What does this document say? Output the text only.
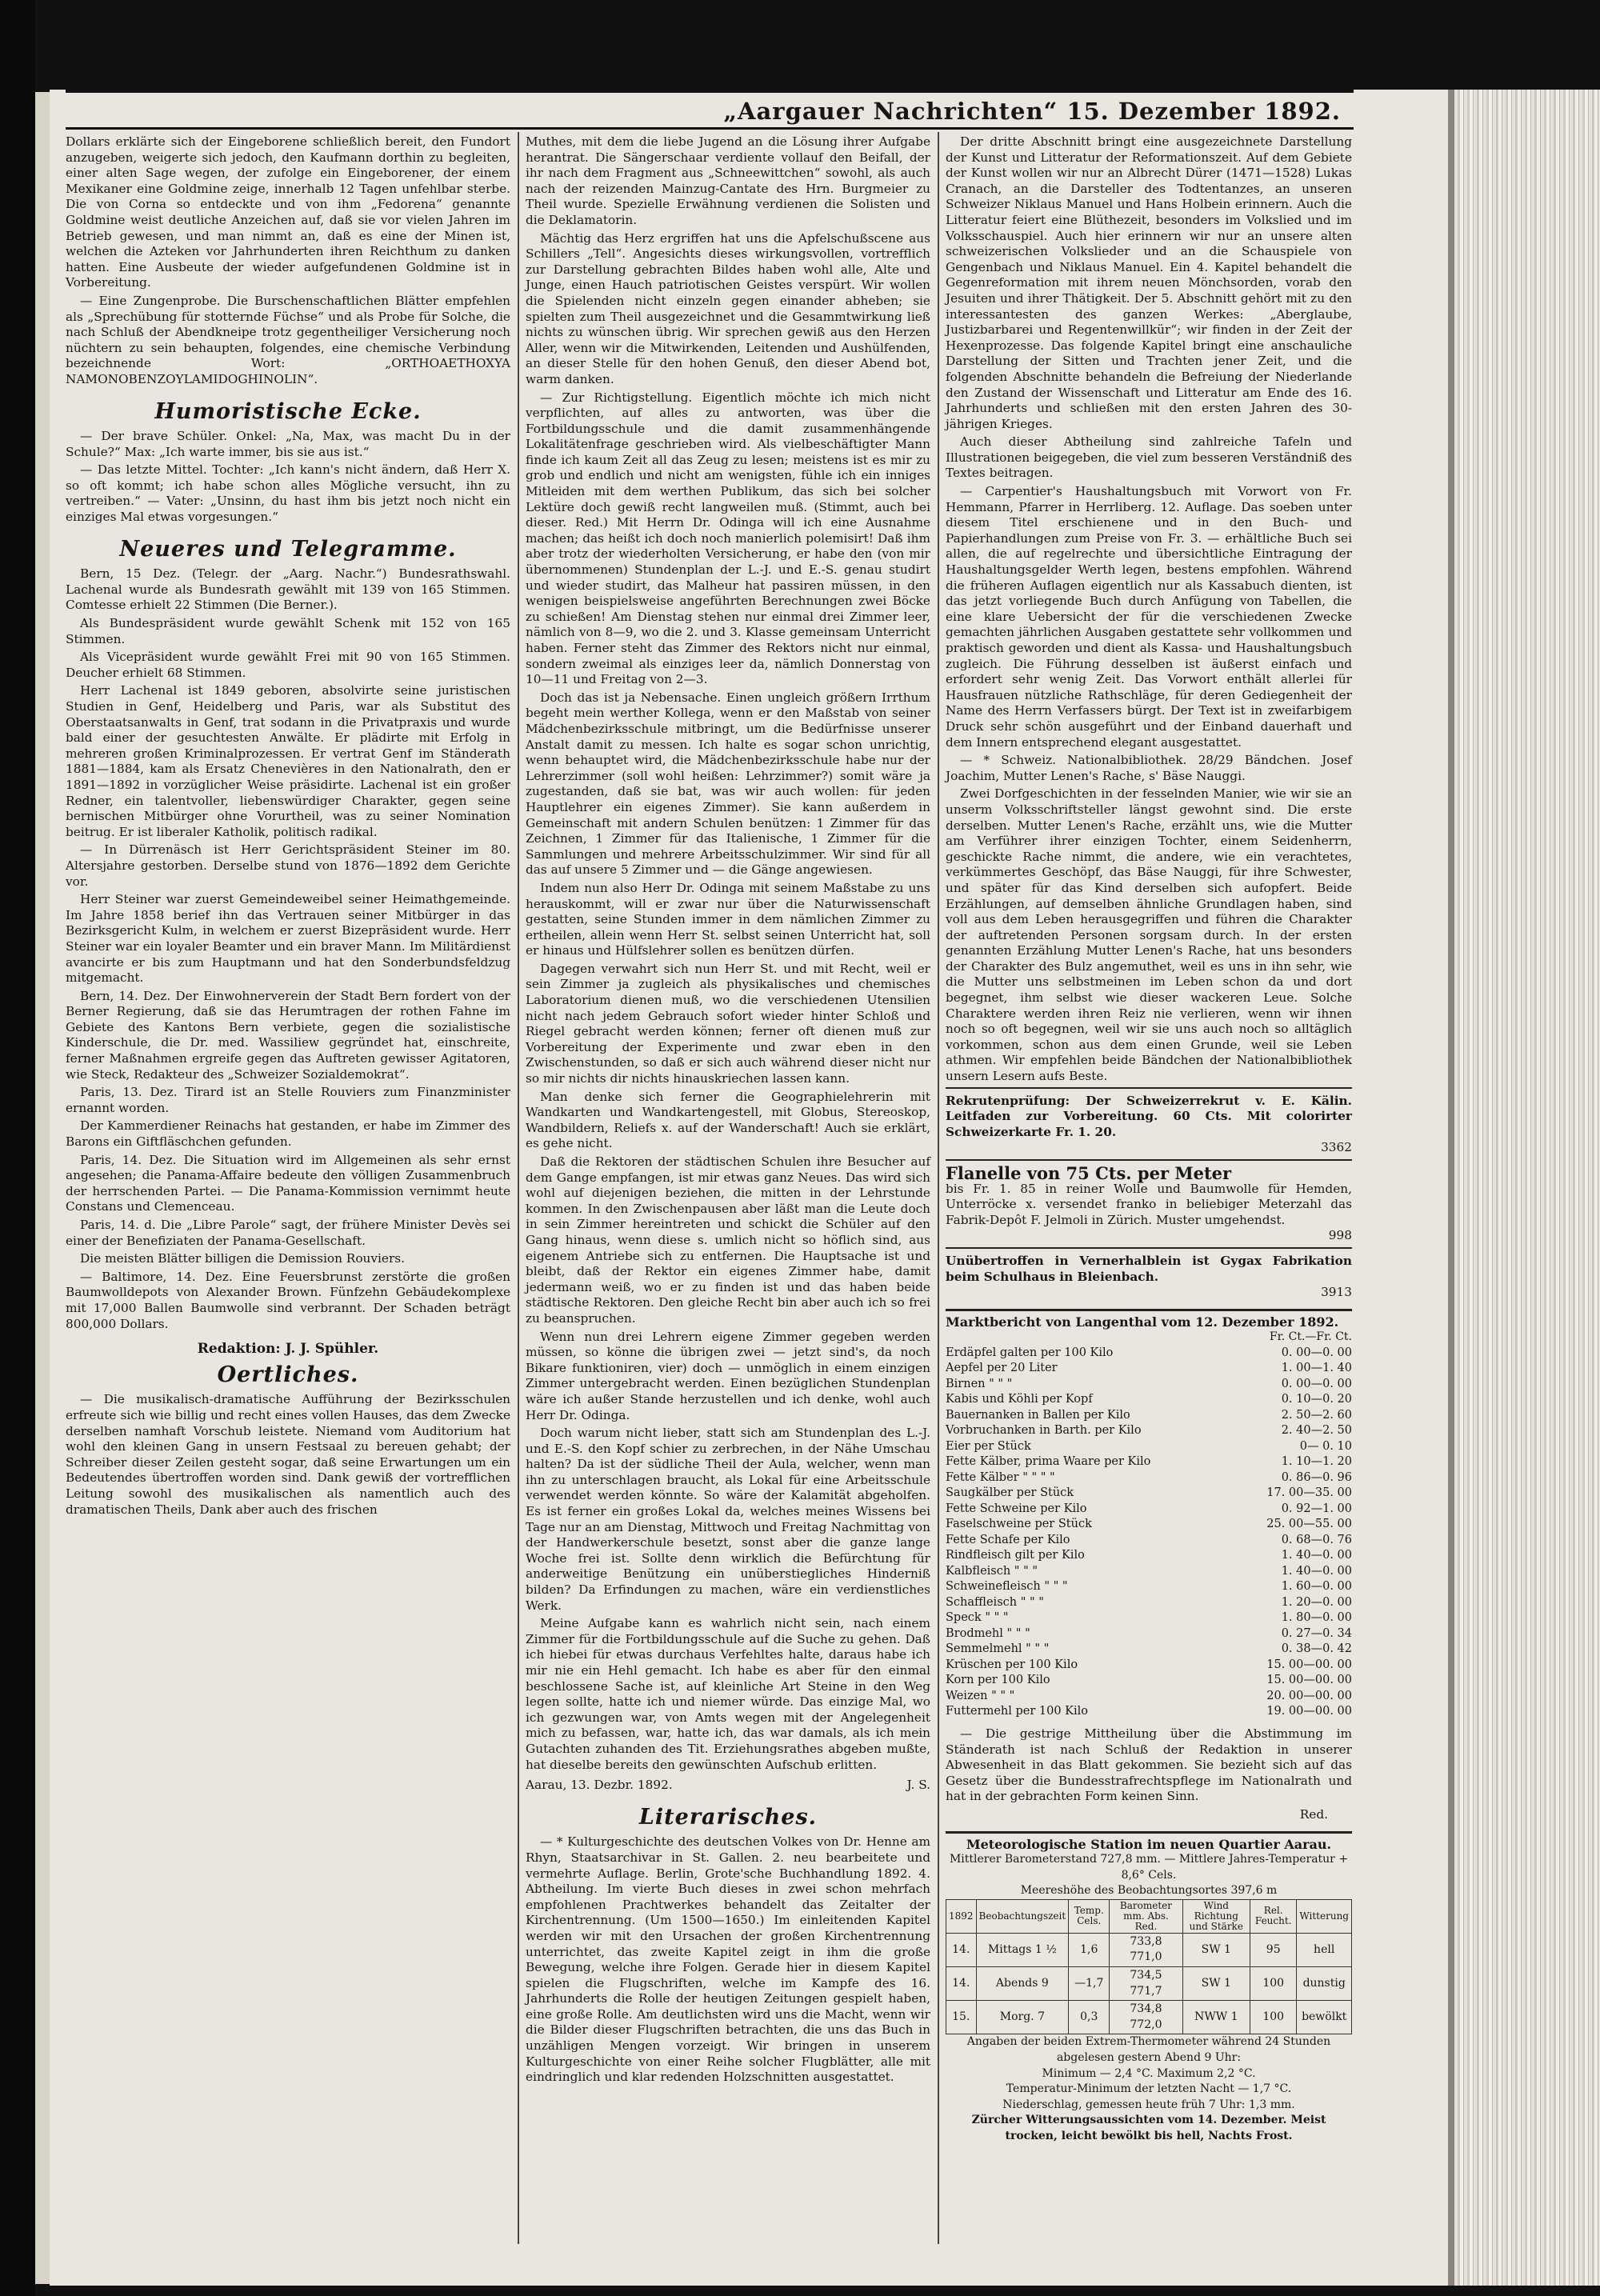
„Aargauer Nachrichten“ 15. Dezember 1892.

Dollars erklärte sich der Eingeborene schließlich bereit, den Fundort anzugeben, weigerte sich jedoch, den Kaufmann dorthin zu begleiten, einer alten Sage wegen, der zufolge ein Eingeborener, der einem Mexikaner eine Goldmine zeige, innerhalb 12 Tagen unfehlbar sterbe. Die von Corna so entdeckte und von ihm „Fedorena“ genannte Goldmine weist deutliche Anzeichen auf, daß sie vor vielen Jahren im Betrieb gewesen, und man nimmt an, daß es eine der Minen ist, welchen die Azteken vor Jahrhunderten ihren Reichthum zu danken hatten. Eine Ausbeute der wieder aufgefundenen Goldmine ist in Vorbereitung.

— Eine Zungenprobe. Die Burschenschaftlichen Blätter empfehlen als „Sprechübung für stotternde Füchse“ und als Probe für Solche, die nach Schluß der Abendkneipe trotz gegentheiliger Versicherung noch nüchtern zu sein behaupten, folgendes, eine chemische Verbindung bezeichnende Wort: „ORTHOAETHOXYA NAMONOBENZOYLAMIDOGHINOLIN“.

Humoristische Ecke.

— Der brave Schüler. Onkel: „Na, Max, was macht Du in der Schule?“ Max: „Ich warte immer, bis sie aus ist.“

— Das letzte Mittel. Tochter: „Ich kann's nicht ändern, daß Herr X. so oft kommt; ich habe schon alles Mögliche versucht, ihn zu vertreiben.“ — Vater: „Unsinn, du hast ihm bis jetzt noch nicht ein einziges Mal etwas vorgesungen.“

Neueres und Telegramme.

Bern, 15 Dez. (Telegr. der „Aarg. Nachr.“) Bundesrathswahl. Lachenal wurde als Bundesrath gewählt mit 139 von 165 Stimmen. Comtesse erhielt 22 Stimmen (Die Berner.).

Als Bundespräsident wurde gewählt Schenk mit 152 von 165 Stimmen.

Als Vicepräsident wurde gewählt Frei mit 90 von 165 Stimmen. Deucher erhielt 68 Stimmen.

Herr Lachenal ist 1849 geboren, absolvirte seine juristischen Studien in Genf, Heidelberg und Paris, war als Substitut des Oberstaatsanwalts in Genf, trat sodann in die Privatpraxis und wurde bald einer der gesuchtesten Anwälte. Er plädirte mit Erfolg in mehreren großen Kriminalprozessen. Er vertrat Genf im Ständerath 1881—1884, kam als Ersatz Chenevières in den Nationalrath, den er 1891—1892 in vorzüglicher Weise präsidirte. Lachenal ist ein großer Redner, ein talentvoller, liebenswürdiger Charakter, gegen seine bernischen Mitbürger ohne Vorurtheil, was zu seiner Nomination beitrug. Er ist liberaler Katholik, politisch radikal.

— In Dürrenäsch ist Herr Gerichtspräsident Steiner im 80. Altersjahre gestorben. Derselbe stund von 1876—1892 dem Gerichte vor.

Herr Steiner war zuerst Gemeindeweibel seiner Heimathgemeinde. Im Jahre 1858 berief ihn das Vertrauen seiner Mitbürger in das Bezirksgericht Kulm, in welchem er zuerst Bizepräsident wurde. Herr Steiner war ein loyaler Beamter und ein braver Mann. Im Militärdienst avancirte er bis zum Hauptmann und hat den Sonderbundsfeldzug mitgemacht.

Bern, 14. Dez. Der Einwohnerverein der Stadt Bern fordert von der Berner Regierung, daß sie das Herumtragen der rothen Fahne im Gebiete des Kantons Bern verbiete, gegen die sozialistische Kinderschule, die Dr. med. Wassiliew gegründet hat, einschreite, ferner Maßnahmen ergreife gegen das Auftreten gewisser Agitatoren, wie Steck, Redakteur des „Schweizer Sozialdemokrat“.

Paris, 13. Dez. Tirard ist an Stelle Rouviers zum Finanzminister ernannt worden.

Der Kammerdiener Reinachs hat gestanden, er habe im Zimmer des Barons ein Giftfläschchen gefunden.

Paris, 14. Dez. Die Situation wird im Allgemeinen als sehr ernst angesehen; die Panama-Affaire bedeute den völligen Zusammenbruch der herrschenden Partei. — Die Panama-Kommission vernimmt heute Constans und Clemenceau.

Paris, 14. d. Die „Libre Parole“ sagt, der frühere Minister Devès sei einer der Benefiziaten der Panama-Gesellschaft.

Die meisten Blätter billigen die Demission Rouviers.

— Baltimore, 14. Dez. Eine Feuersbrunst zerstörte die großen Baumwolldepots von Alexander Brown. Fünfzehn Gebäudekomplexe mit 17,000 Ballen Baumwolle sind verbrannt. Der Schaden beträgt 800,000 Dollars.

Redaktion: J. J. Spühler.
Oertliches.

— Die musikalisch-dramatische Aufführung der Bezirksschulen erfreute sich wie billig und recht eines vollen Hauses, das dem Zwecke derselben namhaft Vorschub leistete. Niemand vom Auditorium hat wohl den kleinen Gang in unsern Festsaal zu bereuen gehabt; der Schreiber dieser Zeilen gesteht sogar, daß seine Erwartungen um ein Bedeutendes übertroffen worden sind. Dank gewiß der vortrefflichen Leitung sowohl des musikalischen als namentlich auch des dramatischen Theils, Dank aber auch des frischen

Muthes, mit dem die liebe Jugend an die Lösung ihrer Aufgabe herantrat. Die Sängerschaar verdiente vollauf den Beifall, der ihr nach dem Fragment aus „Schneewittchen“ sowohl, als auch nach der reizenden Mainzug-Cantate des Hrn. Burgmeier zu Theil wurde. Spezielle Erwähnung verdienen die Solisten und die Deklamatorin.

Mächtig das Herz ergriffen hat uns die Apfelschußscene aus Schillers „Tell“. Angesichts dieses wirkungsvollen, vortrefflich zur Darstellung gebrachten Bildes haben wohl alle, Alte und Junge, einen Hauch patriotischen Geistes verspürt. Wir wollen die Spielenden nicht einzeln gegen einander abheben; sie spielten zum Theil ausgezeichnet und die Gesammtwirkung ließ nichts zu wünschen übrig. Wir sprechen gewiß aus den Herzen Aller, wenn wir die Mitwirkenden, Leitenden und Aushülfenden, an dieser Stelle für den hohen Genuß, den dieser Abend bot, warm danken.

— Zur Richtigstellung. Eigentlich möchte ich mich nicht verpflichten, auf alles zu antworten, was über die Fortbildungsschule und die damit zusammenhängende Lokalitätenfrage geschrieben wird. Als vielbeschäftigter Mann finde ich kaum Zeit all das Zeug zu lesen; meistens ist es mir zu grob und endlich und nicht am wenigsten, fühle ich ein inniges Mitleiden mit dem werthen Publikum, das sich bei solcher Lektüre doch gewiß recht langweilen muß. (Stimmt, auch bei dieser. Red.) Mit Herrn Dr. Odinga will ich eine Ausnahme machen; das heißt ich doch noch manierlich polemisirt! Daß ihm aber trotz der wiederholten Versicherung, er habe den (von mir übernommenen) Stundenplan der L.-J. und E.-S. genau studirt und wieder studirt, das Malheur hat passiren müssen, in den wenigen beispielsweise angeführten Berechnungen zwei Böcke zu schießen! Am Dienstag stehen nur einmal drei Zimmer leer, nämlich von 8—9, wo die 2. und 3. Klasse gemeinsam Unterricht haben. Ferner steht das Zimmer des Rektors nicht nur einmal, sondern zweimal als einziges leer da, nämlich Donnerstag von 10—11 und Freitag von 2—3.

Doch das ist ja Nebensache. Einen ungleich größern Irrthum begeht mein werther Kollega, wenn er den Maßstab von seiner Mädchenbezirksschule mitbringt, um die Bedürfnisse unserer Anstalt damit zu messen. Ich halte es sogar schon unrichtig, wenn behauptet wird, die Mädchenbezirksschule habe nur der Lehrerzimmer (soll wohl heißen: Lehrzimmer?) somit wäre ja zugestanden, daß sie bat, was wir auch wollen: für jeden Hauptlehrer ein eigenes Zimmer). Sie kann außerdem in Gemeinschaft mit andern Schulen benützen: 1 Zimmer für das Zeichnen, 1 Zimmer für das Italienische, 1 Zimmer für die Sammlungen und mehrere Arbeitsschulzimmer. Wir sind für all das auf unsere 5 Zimmer und — die Gänge angewiesen.

Indem nun also Herr Dr. Odinga mit seinem Maßstabe zu uns herauskommt, will er zwar nur über die Naturwissenschaft gestatten, seine Stunden immer in dem nämlichen Zimmer zu ertheilen, allein wenn Herr St. selbst seinen Unterricht hat, soll er hinaus und Hülfslehrer sollen es benützen dürfen.

Dagegen verwahrt sich nun Herr St. und mit Recht, weil er sein Zimmer ja zugleich als physikalisches und chemisches Laboratorium dienen muß, wo die verschiedenen Utensilien nicht nach jedem Gebrauch sofort wieder hinter Schloß und Riegel gebracht werden können; ferner oft dienen muß zur Vorbereitung der Experimente und zwar eben in den Zwischenstunden, so daß er sich auch während dieser nicht nur so mir nichts dir nichts hinauskriechen lassen kann.

Man denke sich ferner die Geographielehrerin mit Wandkarten und Wandkartengestell, mit Globus, Stereoskop, Wandbildern, Reliefs x. auf der Wanderschaft! Auch sie erklärt, es gehe nicht.

Daß die Rektoren der städtischen Schulen ihre Besucher auf dem Gange empfangen, ist mir etwas ganz Neues. Das wird sich wohl auf diejenigen beziehen, die mitten in der Lehrstunde kommen. In den Zwischenpausen aber läßt man die Leute doch in sein Zimmer hereintreten und schickt die Schüler auf den Gang hinaus, wenn diese s. umlich nicht so höflich sind, aus eigenem Antriebe sich zu entfernen. Die Hauptsache ist und bleibt, daß der Rektor ein eigenes Zimmer habe, damit jedermann weiß, wo er zu finden ist und das haben beide städtische Rektoren. Den gleiche Recht bin aber auch ich so frei zu beanspruchen.

Wenn nun drei Lehrern eigene Zimmer gegeben werden müssen, so könne die übrigen zwei — jetzt sind's, da noch Bikare funktioniren, vier) doch — unmöglich in einem einzigen Zimmer untergebracht werden. Einen bezüglichen Stundenplan wäre ich außer Stande herzustellen und ich denke, wohl auch Herr Dr. Odinga.

Doch warum nicht lieber, statt sich am Stundenplan des L.-J. und E.-S. den Kopf schier zu zerbrechen, in der Nähe Umschau halten? Da ist der südliche Theil der Aula, welcher, wenn man ihn zu unterschlagen braucht, als Lokal für eine Arbeitsschule verwendet werden könnte. So wäre der Kalamität abgeholfen. Es ist ferner ein großes Lokal da, welches meines Wissens bei Tage nur an am Dienstag, Mittwoch und Freitag Nachmittag von der Handwerkerschule besetzt, sonst aber die ganze lange Woche frei ist. Sollte denn wirklich die Befürchtung für anderweitige Benützung ein unüberstiegliches Hinderniß bilden? Da Erfindungen zu machen, wäre ein verdienstliches Werk.

Meine Aufgabe kann es wahrlich nicht sein, nach einem Zimmer für die Fortbildungsschule auf die Suche zu gehen. Daß ich hiebei für etwas durchaus Verfehltes halte, daraus habe ich mir nie ein Hehl gemacht. Ich habe es aber für den einmal beschlossene Sache ist, auf kleinliche Art Steine in den Weg legen sollte, hatte ich und niemer würde. Das einzige Mal, wo ich gezwungen war, von Amts wegen mit der Angelegenheit mich zu befassen, war, hatte ich, das war damals, als ich mein Gutachten zuhanden des Tit. Erziehungsrathes abgeben mußte, hat dieselbe bereits den gewünschten Aufschub erlitten.

J. S.
Aarau, 13. Dezbr. 1892.

Literarisches.

— * Kulturgeschichte des deutschen Volkes von Dr. Henne am Rhyn, Staatsarchivar in St. Gallen. 2. neu bearbeitete und vermehrte Auflage. Berlin, Grote'sche Buchhandlung 1892. 4. Abtheilung. Im vierte Buch dieses in zwei schon mehrfach empfohlenen Prachtwerkes behandelt das Zeitalter der Kirchentrennung. (Um 1500—1650.) Im einleitenden Kapitel werden wir mit den Ursachen der großen Kirchentrennung unterrichtet, das zweite Kapitel zeigt in ihm die große Bewegung, welche ihre Folgen. Gerade hier in diesem Kapitel spielen die Flugschriften, welche im Kampfe des 16. Jahrhunderts die Rolle der heutigen Zeitungen gespielt haben, eine große Rolle. Am deutlichsten wird uns die Macht, wenn wir die Bilder dieser Flugschriften betrachten, die uns das Buch in unzähligen Mengen vorzeigt. Wir bringen in unserem Kulturgeschichte von einer Reihe solcher Flugblätter, alle mit eindringlich und klar redenden Holzschnitten ausgestattet.

Der dritte Abschnitt bringt eine ausgezeichnete Darstellung der Kunst und Litteratur der Reformationszeit. Auf dem Gebiete der Kunst wollen wir nur an Albrecht Dürer (1471—1528) Lukas Cranach, an die Darsteller des Todtentanzes, an unseren Schweizer Niklaus Manuel und Hans Holbein erinnern. Auch die Litteratur feiert eine Blüthezeit, besonders im Volkslied und im Volksschauspiel. Auch hier erinnern wir nur an unsere alten schweizerischen Volkslieder und an die Schauspiele von Gengenbach und Niklaus Manuel. Ein 4. Kapitel behandelt die Gegenreformation mit ihrem neuen Mönchsorden, vorab den Jesuiten und ihrer Thätigkeit. Der 5. Abschnitt gehört mit zu den interessantesten des ganzen Werkes: „Aberglaube, Justizbarbarei und Regentenwillkür“; wir finden in der Zeit der Hexenprozesse. Das folgende Kapitel bringt eine anschauliche Darstellung der Sitten und Trachten jener Zeit, und die folgenden Abschnitte behandeln die Befreiung der Niederlande den Zustand der Wissenschaft und Litteratur am Ende des 16. Jahrhunderts und schließen mit den ersten Jahren des 30-jährigen Krieges.

Auch dieser Abtheilung sind zahlreiche Tafeln und Illustrationen beigegeben, die viel zum besseren Verständniß des Textes beitragen.

— Carpentier's Haushaltungsbuch mit Vorwort von Fr. Hemmann, Pfarrer in Herrliberg. 12. Auflage. Das soeben unter diesem Titel erschienene und in den Buch- und Papierhandlungen zum Preise von Fr. 3. — erhältliche Buch sei allen, die auf regelrechte und übersichtliche Eintragung der Haushaltungsgelder Werth legen, bestens empfohlen. Während die früheren Auflagen eigentlich nur als Kassabuch dienten, ist das jetzt vorliegende Buch durch Anfügung von Tabellen, die eine klare Uebersicht der für die verschiedenen Zwecke gemachten jährlichen Ausgaben gestattete sehr vollkommen und praktisch geworden und dient als Kassa- und Haushaltungsbuch zugleich. Die Führung desselben ist äußerst einfach und erfordert sehr wenig Zeit. Das Vorwort enthält allerlei für Hausfrauen nützliche Rathschläge, für deren Gediegenheit der Name des Herrn Verfassers bürgt. Der Text ist in zweifarbigem Druck sehr schön ausgeführt und der Einband dauerhaft und dem Innern entsprechend elegant ausgestattet.

— * Schweiz. Nationalbibliothek. 28/29 Bändchen. Josef Joachim, Mutter Lenen's Rache, s' Bäse Nauggi.

Zwei Dorfgeschichten in der fesselnden Manier, wie wir sie an unserm Volksschriftsteller längst gewohnt sind. Die erste derselben. Mutter Lenen's Rache, erzählt uns, wie die Mutter am Verführer ihrer einzigen Tochter, einem Seidenherrn, geschickte Rache nimmt, die andere, wie ein verachtetes, verkümmertes Geschöpf, das Bäse Nauggi, für ihre Schwester, und später für das Kind derselben sich aufopfert. Beide Erzählungen, auf demselben ähnliche Grundlagen haben, sind voll aus dem Leben herausgegriffen und führen die Charakter der auftretenden Personen sorgsam durch. In der ersten genannten Erzählung Mutter Lenen's Rache, hat uns besonders der Charakter des Bulz angemuthet, weil es uns in ihn sehr, wie die Mutter uns selbstmeinen im Leben schon da und dort begegnet, ihm selbst wie dieser wackeren Leue. Solche Charaktere werden ihren Reiz nie verlieren, wenn wir ihnen noch so oft begegnen, weil wir sie uns auch noch so alltäglich vorkommen, schon aus dem einen Grunde, weil sie Leben athmen. Wir empfehlen beide Bändchen der Nationalbibliothek unsern Lesern aufs Beste.

Rekrutenprüfung: Der Schweizerrekrut v. E. Kälin. Leitfaden zur Vorbereitung. 60 Cts. Mit colorirter Schweizerkarte Fr. 1. 20.
3362
Flanelle von 75 Cts. per Meter
bis Fr. 1. 85 in reiner Wolle und Baumwolle für Hemden, Unterröcke x. versendet franko in beliebiger Meterzahl das Fabrik-Depôt F. Jelmoli in Zürich. Muster umgehendst.
998
Unübertroffen in Vernerhalblein ist Gygax Fabrikation beim Schulhaus in Bleienbach.
3913
Marktbericht von Langenthal vom 12. Dezember 1892.
Fr. Ct.—Fr. Ct.
Erdäpfel galten per 100 Kilo	0. 00—0. 00
Aepfel per 20 Liter	1. 00—1. 40
Birnen " " "	0. 00—0. 00
Kabis und Köhli per Kopf	0. 10—0. 20
Bauernanken in Ballen per Kilo	2. 50—2. 60
Vorbruchanken in Barth. per Kilo	2. 40—2. 50
Eier per Stück	0— 0. 10
Fette Kälber, prima Waare per Kilo	1. 10—1. 20
Fette Kälber " " " "	0. 86—0. 96
Saugkälber per Stück	17. 00—35. 00
Fette Schweine per Kilo	0. 92—1. 00
Faselschweine per Stück	25. 00—55. 00
Fette Schafe per Kilo	0. 68—0. 76
Rindfleisch gilt per Kilo	1. 40—0. 00
Kalbfleisch " " "	1. 40—0. 00
Schweinefleisch " " "	1. 60—0. 00
Schaffleisch " " "	1. 20—0. 00
Speck " " "	1. 80—0. 00
Brodmehl " " "	0. 27—0. 34
Semmelmehl " " "	0. 38—0. 42
Krüschen per 100 Kilo	15. 00—00. 00
Korn per 100 Kilo	15. 00—00. 00
Weizen " " "	20. 00—00. 00
Futtermehl per 100 Kilo	19. 00—00. 00

— Die gestrige Mittheilung über die Abstimmung im Ständerath ist nach Schluß der Redaktion in unserer Abwesenheit in das Blatt gekommen. Sie bezieht sich auf das Gesetz über die Bundesstrafrechtspflege im Nationalrath und hat in der gebrachten Form keinen Sinn.

Red.
Meteorologische Station im neuen Quartier Aarau.
Mittlerer Barometerstand 727,8 mm. — Mittlere Jahres-Temperatur + 8,6° Cels.
Meereshöhe des Beobachtungsortes 397,6 m
1892	Beobachtungszeit	Temp. Cels.	Barometer mm. Abs. Red.	Wind Richtung und Stärke	Rel. Feucht.	Witterung
14.	Mittags 1 ½	1,6	733,8 771,0	SW 1	95	hell
14.	Abends 9	—1,7	734,5 771,7	SW 1	100	dunstig
15.	Morg. 7	0,3	734,8 772,0	NWW 1	100	bewölkt
Angaben der beiden Extrem-Thermometer während 24 Stunden abgelesen gestern Abend 9 Uhr:
Minimum — 2,4 °C. Maximum 2,2 °C.
Temperatur-Minimum der letzten Nacht — 1,7 °C.
Niederschlag, gemessen heute früh 7 Uhr: 1,3 mm.
Zürcher Witterungsaussichten vom 14. Dezember. Meist trocken, leicht bewölkt bis hell, Nachts Frost.
